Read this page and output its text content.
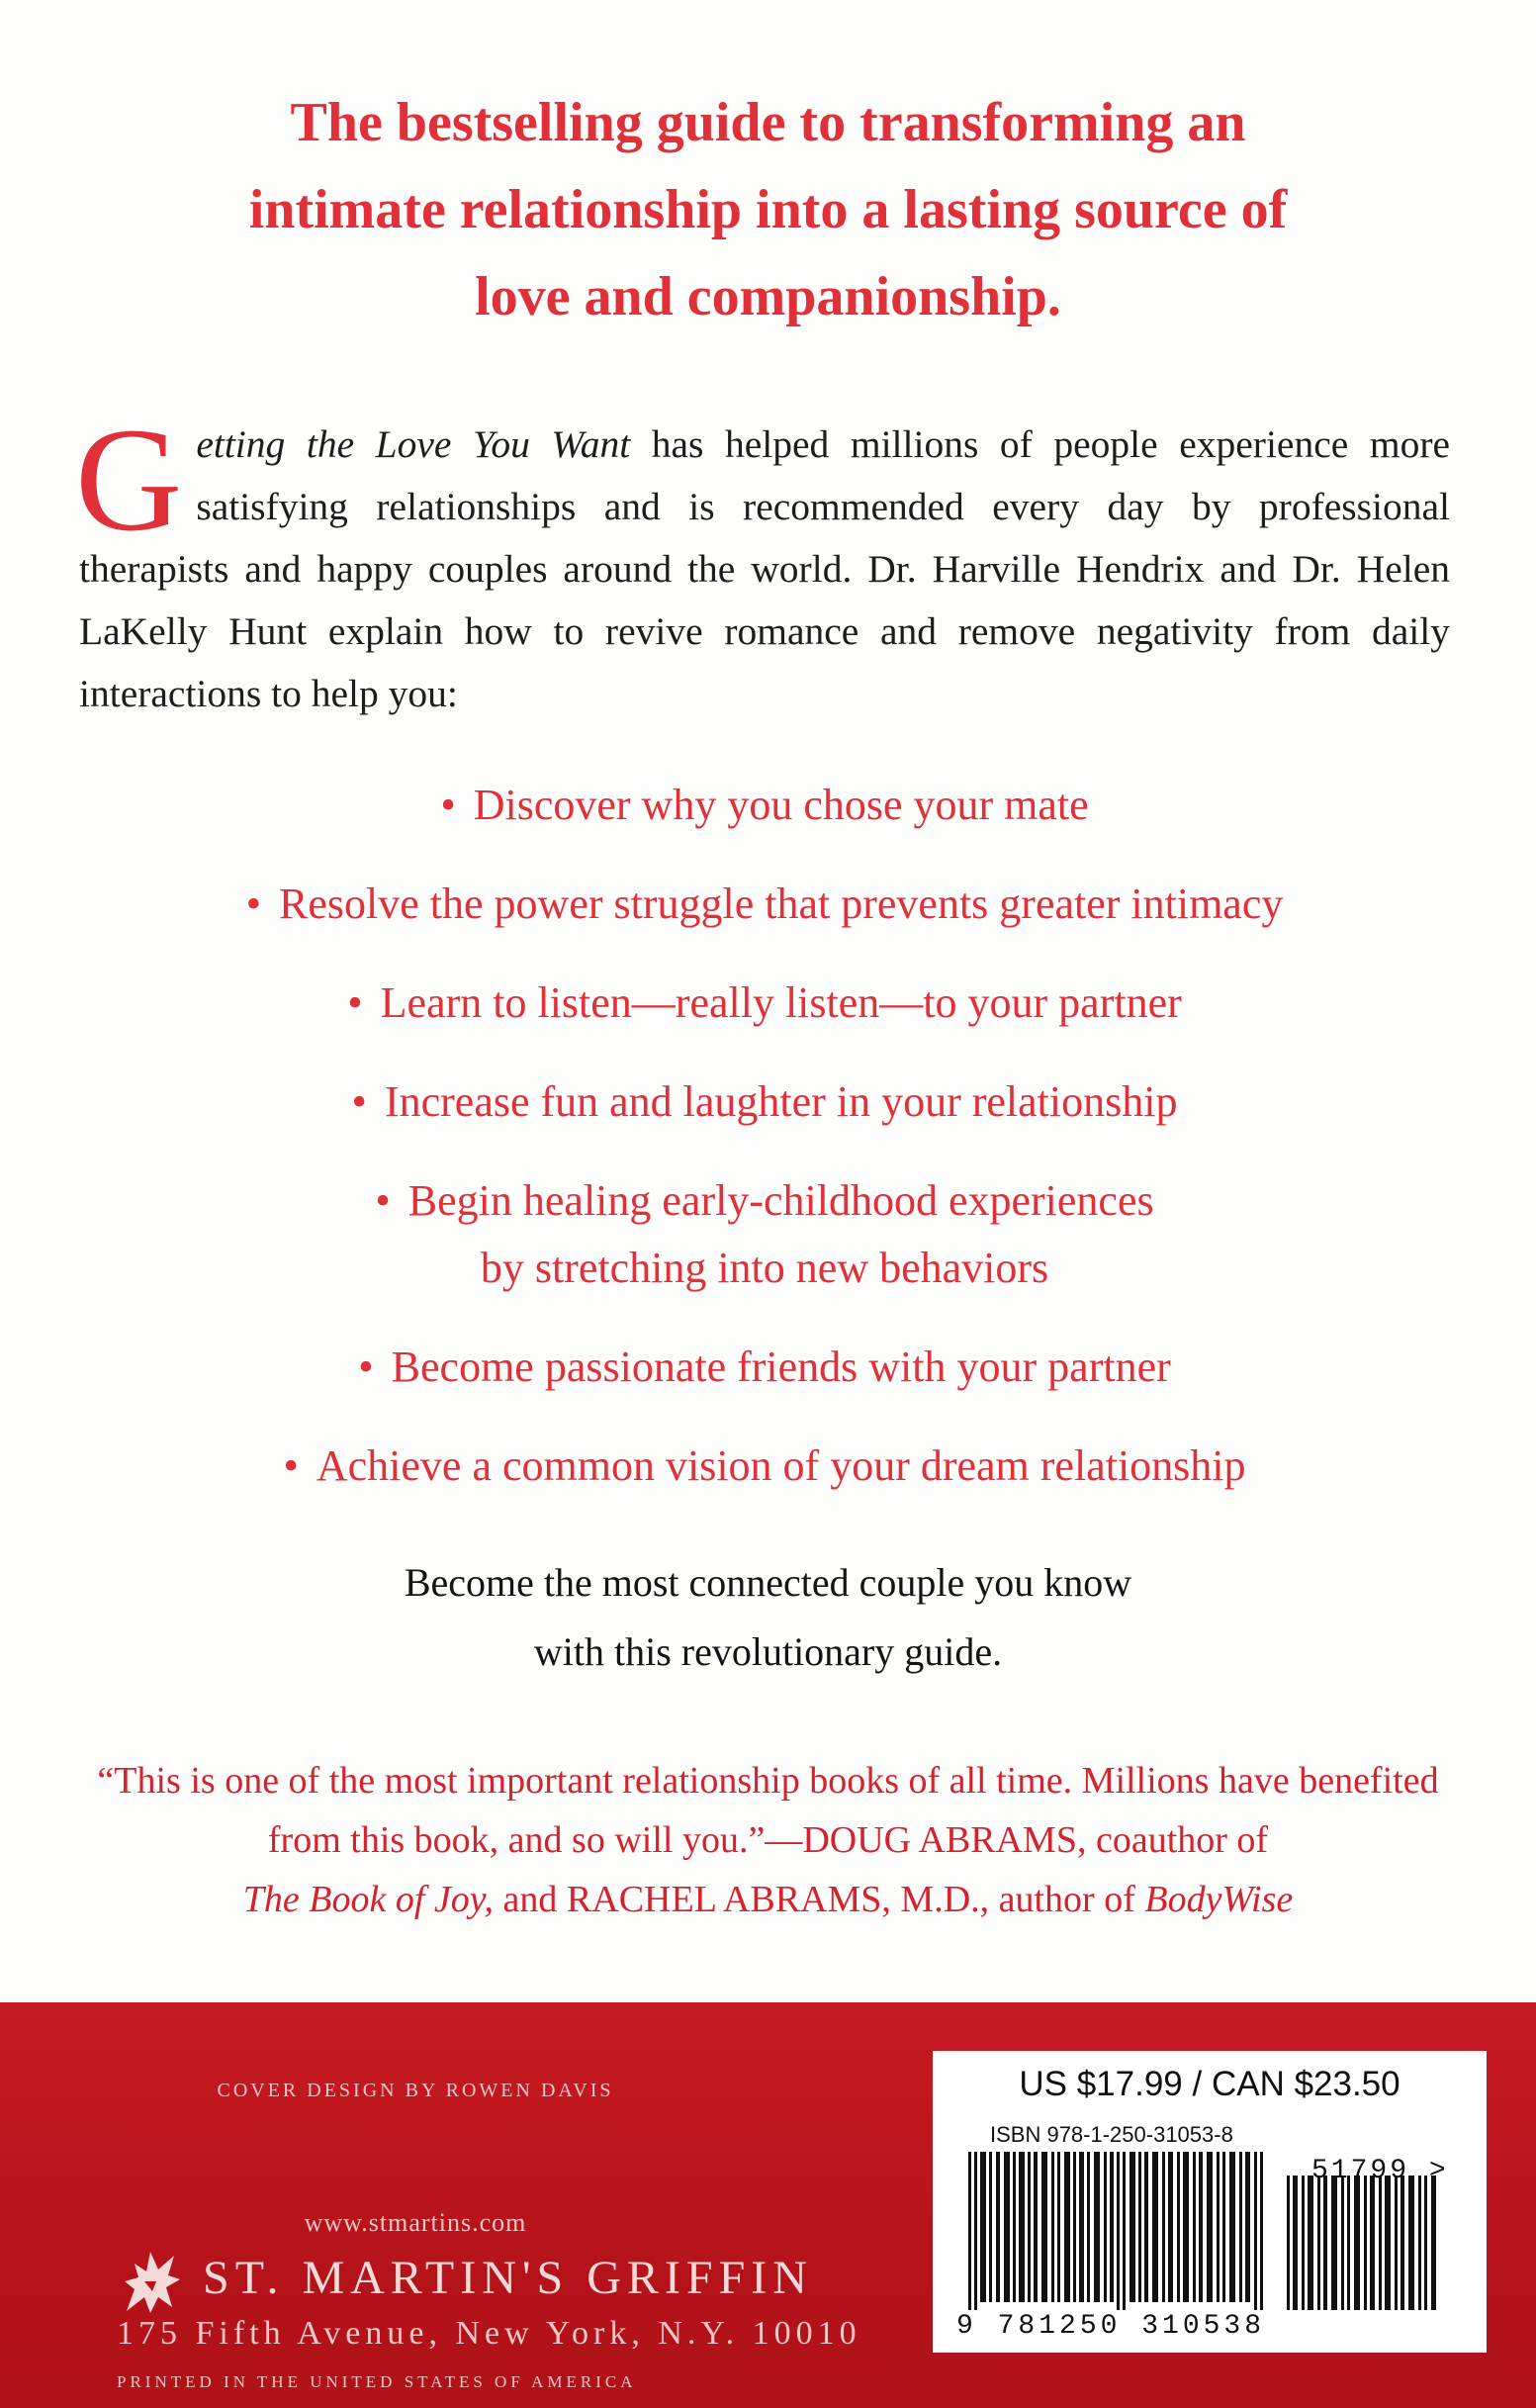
The bestselling guide to transforming an
intimate relationship into a lasting source of
love and companionship.

Getting the Love You Want has helped millions of people experience more satisfying relationships and is recommended every day by professional therapists and happy couples around the world. Dr. Harville Hendrix and Dr. Helen LaKelly Hunt explain how to revive romance and remove negativity from daily interactions to help you:

• Discover why you chose your mate
• Resolve the power struggle that prevents greater intimacy
• Learn to listen—really listen—to your partner
• Increase fun and laughter in your relationship
• Begin healing early-childhood experiences
by stretching into new behaviors
• Become passionate friends with your partner
• Achieve a common vision of your dream relationship

Become the most connected couple you know
with this revolutionary guide.

“This is one of the most important relationship books of all time. Millions have benefited from this book, and so will you.”—DOUG ABRAMS, coauthor of
The Book of Joy, and RACHEL ABRAMS, M.D., author of BodyWise

COVER DESIGN BY ROWEN DAVIS
www.stmartins.com
ST. MARTIN'S GRIFFIN
175 Fifth Avenue, New York, N.Y. 10010
PRINTED IN THE UNITED STATES OF AMERICA
US $17.99 / CAN $23.50
ISBN 978-1-250-31053-8
51799 >
9 781250 310538
